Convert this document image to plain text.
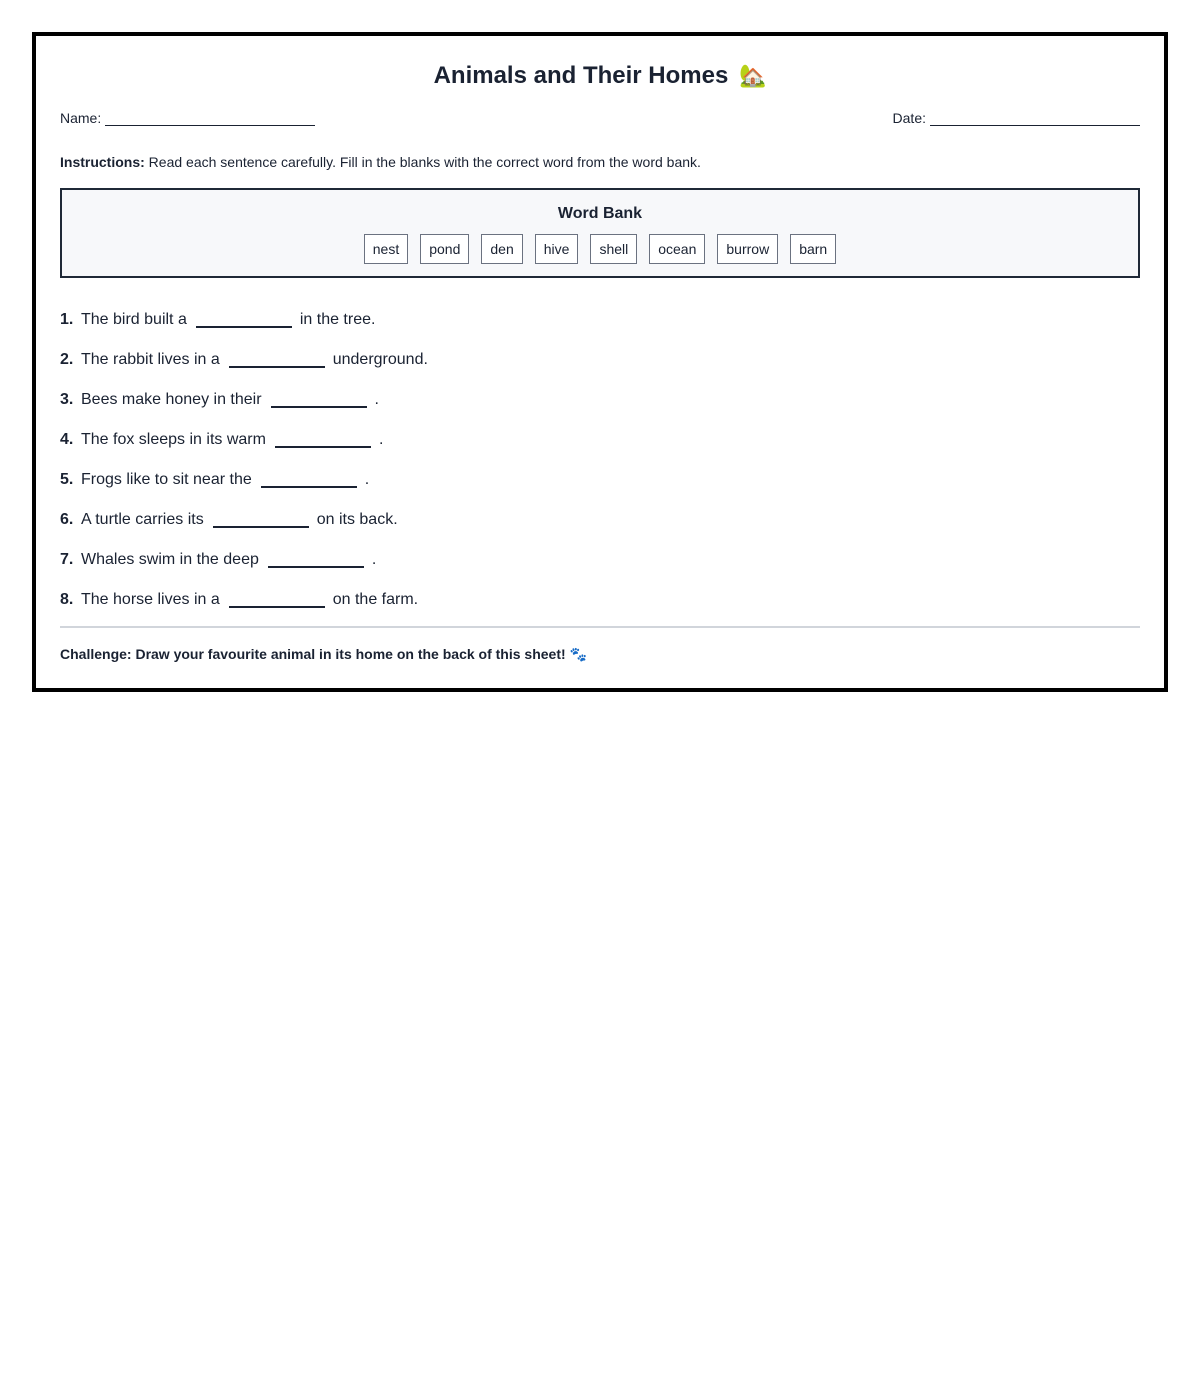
Animals and Their Homes 🏡
Name:	Date:
Instructions: Read each sentence carefully. Fill in the blanks with the correct word from the word bank.
Word Bank
nest	pond	den	hive	shell	ocean	burrow	barn
1. The bird built a	in the tree.
2. The rabbit lives in a	underground.
3. Bees make honey in their	.
4. The fox sleeps in its warm	.
5. Frogs like to sit near the	.
6. A turtle carries its	on its back.
7. Whales swim in the deep	.
8. The horse lives in a	on the farm.
Challenge: Draw your favourite animal in its home on the back of this sheet! 🐾
